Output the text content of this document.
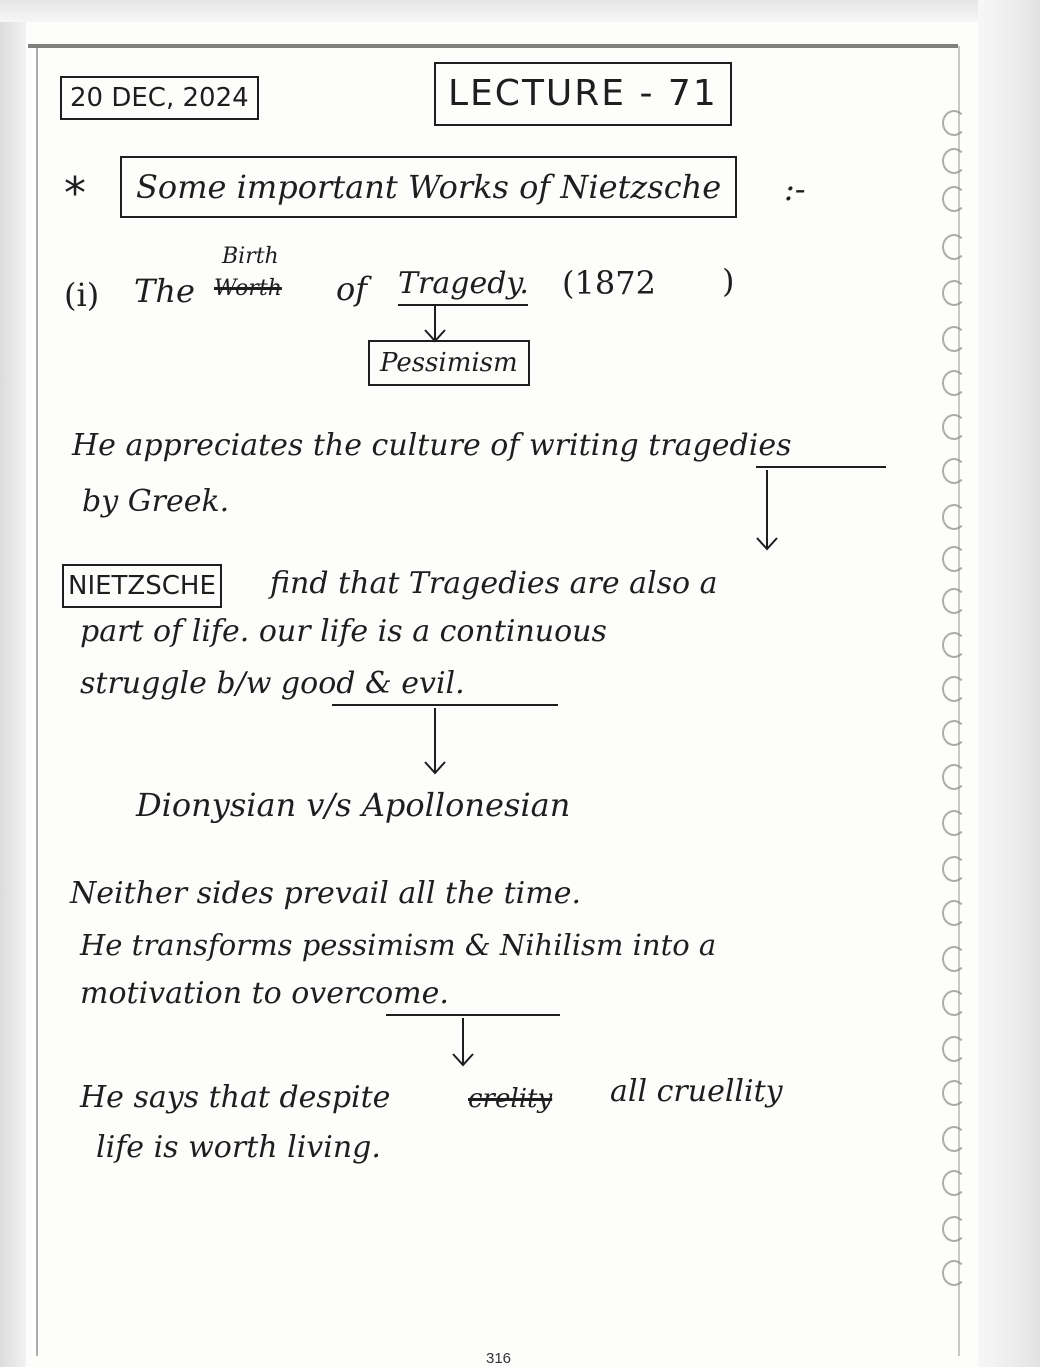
20 DEC, 2024	LECTURE - 71
*	Some important Works of Nietzsche	:-
(i) The
Birth
Worth of Tragedy. (1872 )
Pessimism
He appreciates the culture of writing tragedies
by Greek.
NIETZSCHE find that Tragedies are also a
part of life. our life is a continuous
struggle b/w good & evil.
Dionysian v/s Apollonesian
Neither sides prevail all the time.
He transforms pessimism & Nihilism into a
motivation to overcome.
He says that despite	crelity all cruellity
life is worth living.
316
